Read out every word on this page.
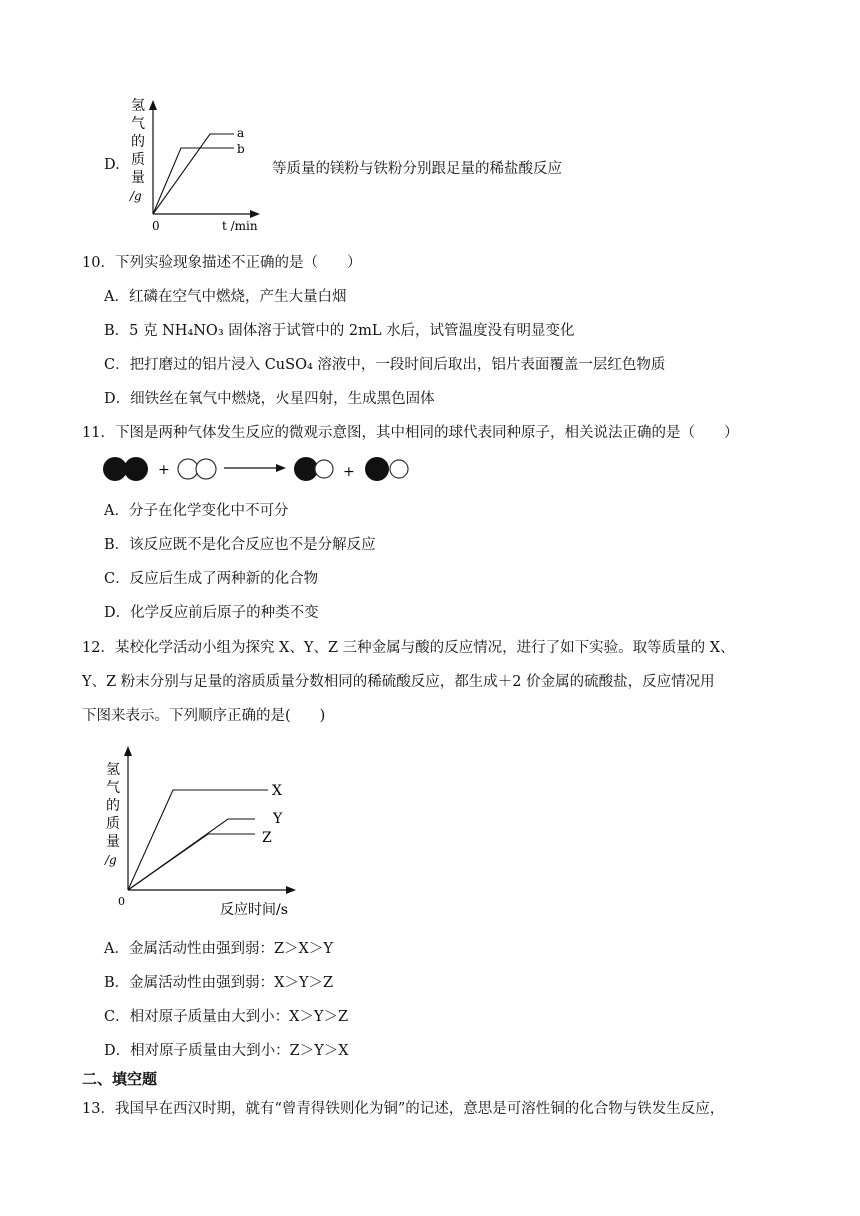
D.
a
b
氢
气
的
质
量
/g
0	t /min
等质量的镁粉与铁粉分别跟足量的稀盐酸反应
10．下列实验现象描述不正确的是（　　）
A．红磷在空气中燃烧，产生大量白烟
B．5 克 NH₄NO₃ 固体溶于试管中的 2mL 水后，试管温度没有明显变化
C．把打磨过的铝片浸入 CuSO₄ 溶液中，一段时间后取出，铝片表面覆盖一层红色物质
D．细铁丝在氧气中燃烧，火星四射，生成黑色固体
11．下图是两种气体发生反应的微观示意图，其中相同的球代表同种原子，相关说法正确的是（　　）
+	+
A．分子在化学变化中不可分
B．该反应既不是化合反应也不是分解反应
C．反应后生成了两种新的化合物
D．化学反应前后原子的种类不变
12．某校化学活动小组为探究 X、Y、Z 三种金属与酸的反应情况，进行了如下实验。取等质量的 X、
Y、Z 粉末分别与足量的溶质质量分数相同的稀硫酸反应，都生成＋2 价金属的硫酸盐，反应情况用
下图来表示。下列顺序正确的是(　　)
X
Y
Z
氢
气
的
质
量
/g
0
反应时间/s
A．金属活动性由强到弱：Z＞X＞Y
B．金属活动性由强到弱：X＞Y＞Z
C．相对原子质量由大到小：X＞Y＞Z
D．相对原子质量由大到小：Z＞Y＞X
二、填空题
13．我国早在西汉时期，就有“曾青得铁则化为铜”的记述，意思是可溶性铜的化合物与铁发生反应，
